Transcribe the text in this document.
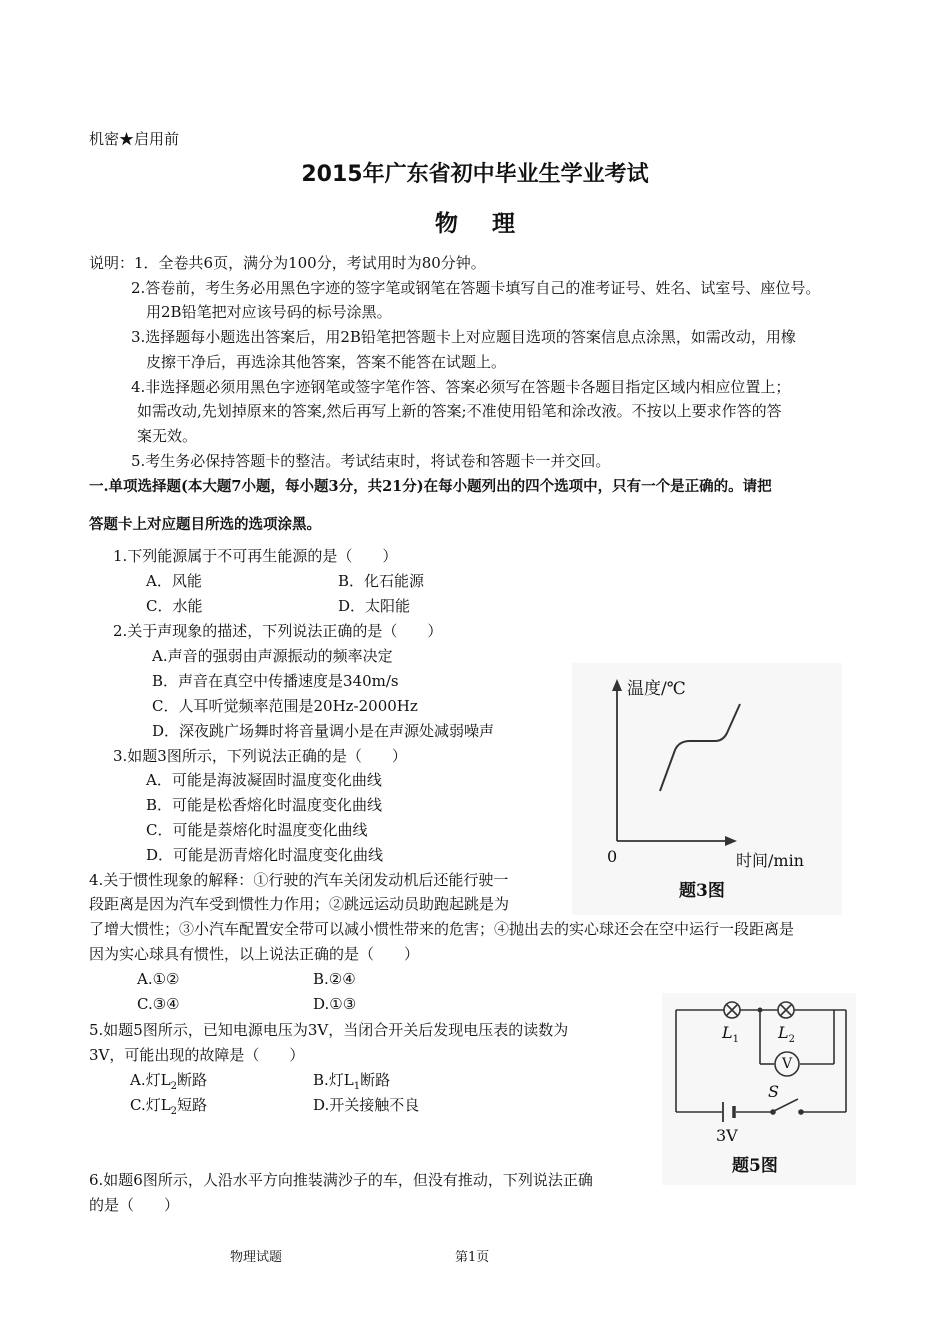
机密★启用前
2015年广东省初中毕业生学业考试
物理
说明：1．全卷共6页，满分为100分，考试用时为80分钟。
2.答卷前，考生务必用黑色字迹的签字笔或钢笔在答题卡填写自己的准考证号、姓名、试室号、座位号。
用2B铅笔把对应该号码的标号涂黑。
3.选择题每小题选出答案后，用2B铅笔把答题卡上对应题目选项的答案信息点涂黑，如需改动，用橡
皮擦干净后，再选涂其他答案，答案不能答在试题上。
4.非选择题必须用黑色字迹钢笔或签字笔作答、答案必须写在答题卡各题目指定区域内相应位置上；
如需改动,先划掉原来的答案,然后再写上新的答案;不准使用铅笔和涂改液。不按以上要求作答的答
案无效。
5.考生务必保持答题卡的整洁。考试结束时，将试卷和答题卡一并交回。
一.单项选择题(本大题7小题，每小题3分，共21分)在每小题列出的四个选项中，只有一个是正确的。请把
答题卡上对应题目所选的选项涂黑。
1.下列能源属于不可再生能源的是（　　）
A．风能	B．化石能源
C．水能	D．太阳能
2.关于声现象的描述，下列说法正确的是（　　）
A.声音的强弱由声源振动的频率决定
B．声音在真空中传播速度是340m/s
C．人耳听觉频率范围是20Hz-2000Hz
D．深夜跳广场舞时将音量调小是在声源处减弱噪声
3.如题3图所示，下列说法正确的是（　　）
A．可能是海波凝固时温度变化曲线
B．可能是松香熔化时温度变化曲线
C．可能是萘熔化时温度变化曲线
D．可能是沥青熔化时温度变化曲线
温度/℃
0	时间/min
题3图
4.关于惯性现象的解释：①行驶的汽车关闭发动机后还能行驶一
段距离是因为汽车受到惯性力作用；②跳远运动员助跑起跳是为
了增大惯性；③小汽车配置安全带可以减小惯性带来的危害；④抛出去的实心球还会在空中运行一段距离是
因为实心球具有惯性，以上说法正确的是（　　）
A.①②	B.②④
C.③④	D.①③
5.如题5图所示，已知电源电压为3V，当闭合开关后发现电压表的读数为
3V，可能出现的故障是（　　）
A.灯$L_2$断路	B.灯$L_1$断路
C.灯$L_2$短路	D.开关接触不良
$L_1$ $L_2$
V
S
3V
题5图
6.如题6图所示，人沿水平方向推装满沙子的车，但没有推动，下列说法正确
的是（　　）
物理试题	第1页
